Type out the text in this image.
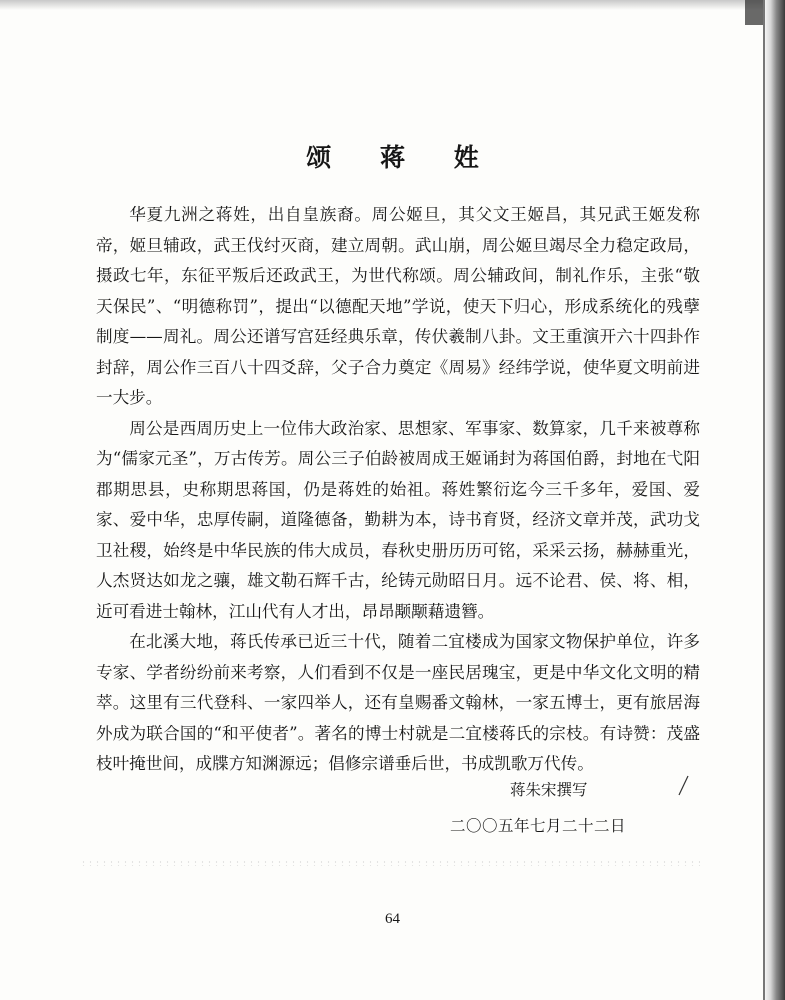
颂 蒋 姓

华夏九洲之蒋姓，出自皇族裔。周公姬旦，其父文王姬昌，其兄武王姬发称帝，姬旦辅政，武王伐纣灭商，建立周朝。武山崩，周公姬旦竭尽全力稳定政局，摄政七年，东征平叛后还政武王，为世代称颂。周公辅政间，制礼作乐，主张“敬天保民”、“明德称罚”，提出“以德配天地”学说，使天下归心，形成系统化的残孽制度——周礼。周公还谱写宫廷经典乐章，传伏羲制八卦。文王重演开六十四卦作封辞，周公作三百八十四爻辞，父子合力奠定《周易》经纬学说，使华夏文明前进一大步。

周公是西周历史上一位伟大政治家、思想家、军事家、数算家，几千来被尊称为“儒家元圣”，万古传芳。周公三子伯龄被周成王姬诵封为蒋国伯爵，封地在弋阳郡期思县，史称期思蒋国，仍是蒋姓的始祖。蒋姓繁衍迄今三千多年，爱国、爱家、爱中华，忠厚传嗣，道隆德备，勤耕为本，诗书育贤，经济文章并茂，武功戈卫社稷，始终是中华民族的伟大成员，春秋史册历历可铭，采采云扬，赫赫重光，人杰贤达如龙之骧，雄文勒石辉千古，纶铸元勋昭日月。远不论君、侯、将、相，近可看进士翰林，江山代有人才出，昂昂颙颙藉遗簪。

在北溪大地，蒋氏传承已近三十代，随着二宜楼成为国家文物保护单位，许多专家、学者纷纷前来考察，人们看到不仅是一座民居瑰宝，更是中华文化文明的精萃。这里有三代登科、一家四举人，还有皇赐番文翰林，一家五博士，更有旅居海外成为联合国的“和平使者”。著名的博士村就是二宜楼蒋氏的宗枝。有诗赞：茂盛枝叶掩世间，成牒方知渊源远；倡修宗谱垂后世，书成凯歌万代传。

蒋朱宋撰写
二〇〇五年七月二十二日
64
